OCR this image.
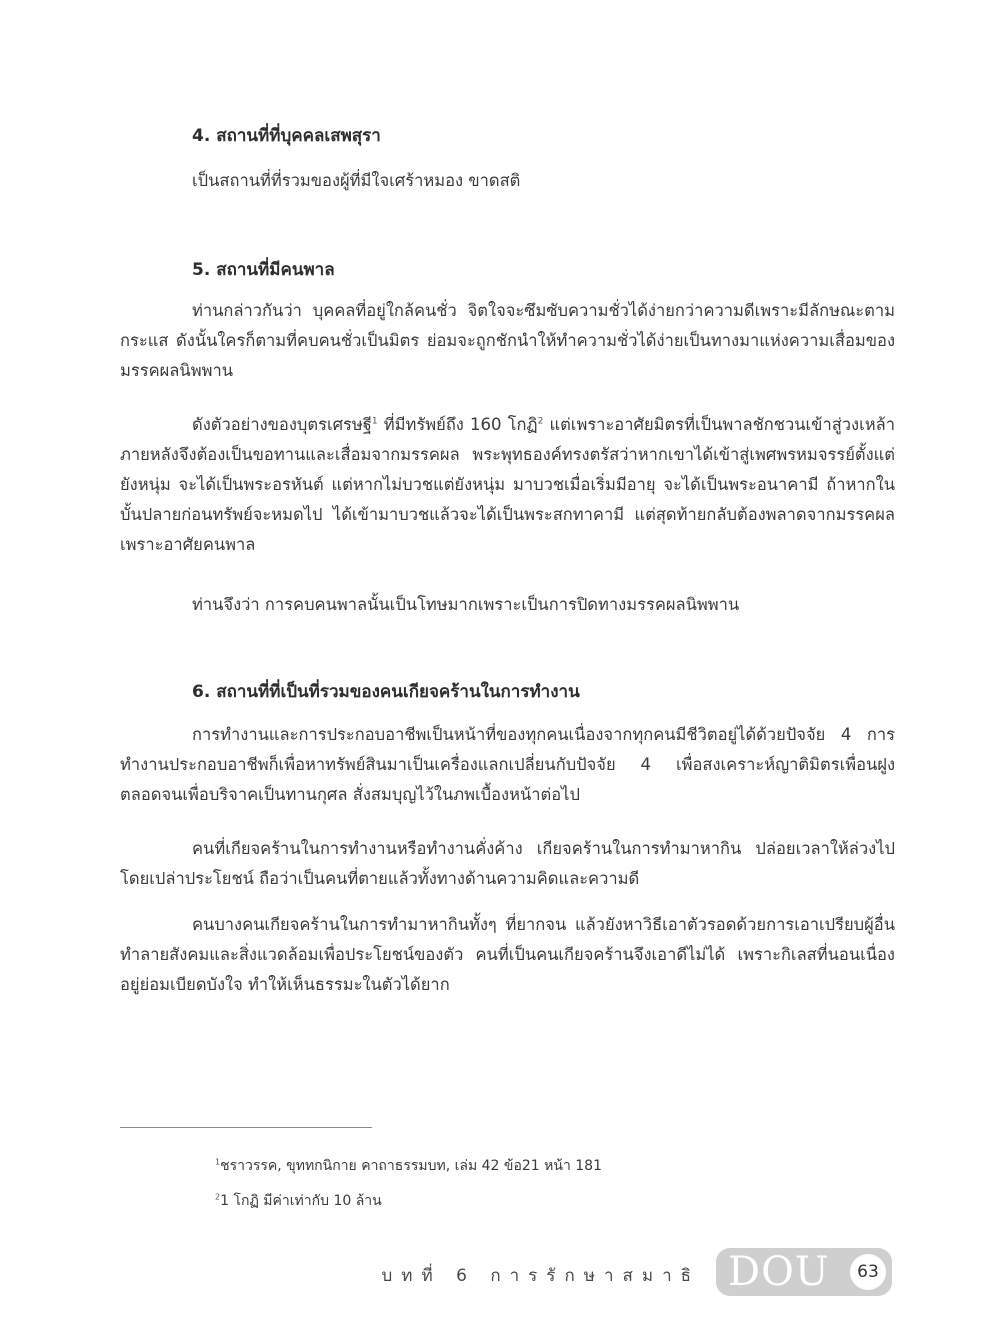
4. สถานที่ที่บุคคลเสพสุรา
เป็นสถานที่ที่รวมของผู้ที่มีใจเศร้าหมอง ขาดสติ
5. สถานที่มีคนพาล
ท่านกล่าวกันว่า บุคคลที่อยู่ใกล้คนชั่ว จิตใจจะซึมซับความชั่วได้ง่ายกว่าความดีเพราะมีลักษณะตามกระแส ดังนั้นใครก็ตามที่คบคนชั่วเป็นมิตร ย่อมจะถูกชักนำให้ทำความชั่วได้ง่ายเป็นทางมาแห่งความเสื่อมของมรรคผลนิพพาน
ดังตัวอย่างของบุตรเศรษฐี$^1$ ที่มีทรัพย์ถึง 160 โกฏิ$^2$ แต่เพราะอาศัยมิตรที่เป็นพาลชักชวนเข้าสู่วงเหล้า ภายหลังจึงต้องเป็นขอทานและเสื่อมจากมรรคผล พระพุทธองค์ทรงตรัสว่าหากเขาได้เข้าสู่เพศพรหมจรรย์ตั้งแต่ยังหนุ่ม จะได้เป็นพระอรหันต์ แต่หากไม่บวชแต่ยังหนุ่ม มาบวชเมื่อเริ่มมีอายุ จะได้เป็นพระอนาคามี ถ้าหากในบั้นปลายก่อนทรัพย์จะหมดไป ได้เข้ามาบวชแล้วจะได้เป็นพระสกทาคามี แต่สุดท้ายกลับต้องพลาดจากมรรคผลเพราะอาศัยคนพาล
ท่านจึงว่า การคบคนพาลนั้นเป็นโทษมากเพราะเป็นการปิดทางมรรคผลนิพพาน
6. สถานที่ที่เป็นที่รวมของคนเกียจคร้านในการทำงาน
การทำงานและการประกอบอาชีพเป็นหน้าที่ของทุกคนเนื่องจากทุกคนมีชีวิตอยู่ได้ด้วยปัจจัย 4 การทำงานประกอบอาชีพก็เพื่อหาทรัพย์สินมาเป็นเครื่องแลกเปลี่ยนกับปัจจัย 4 เพื่อสงเคราะห์ญาติมิตรเพื่อนฝูง ตลอดจนเพื่อบริจาคเป็นทานกุศล สั่งสมบุญไว้ในภพเบื้องหน้าต่อไป
คนที่เกียจคร้านในการทำงานหรือทำงานคั่งค้าง เกียจคร้านในการทำมาหากิน ปล่อยเวลาให้ล่วงไปโดยเปล่าประโยชน์ ถือว่าเป็นคนที่ตายแล้วทั้งทางด้านความคิดและความดี
คนบางคนเกียจคร้านในการทำมาหากินทั้งๆ ที่ยากจน แล้วยังหาวิธีเอาตัวรอดด้วยการเอาเปรียบผู้อื่น ทำลายสังคมและสิ่งแวดล้อมเพื่อประโยชน์ของตัว คนที่เป็นคนเกียจคร้านจึงเอาดีไม่ได้ เพราะกิเลสที่นอนเนื่องอยู่ย่อมเบียดบังใจ ทำให้เห็นธรรมะในตัวได้ยาก
$^1$ชราวรรค, ขุททกนิกาย คาถาธรรมบท, เล่ม 42 ข้อ21 หน้า 181
$^2$1 โกฏิ มีค่าเท่ากับ 10 ล้าน
บทที่ 6 การรักษาสมาธิ DOU	63
